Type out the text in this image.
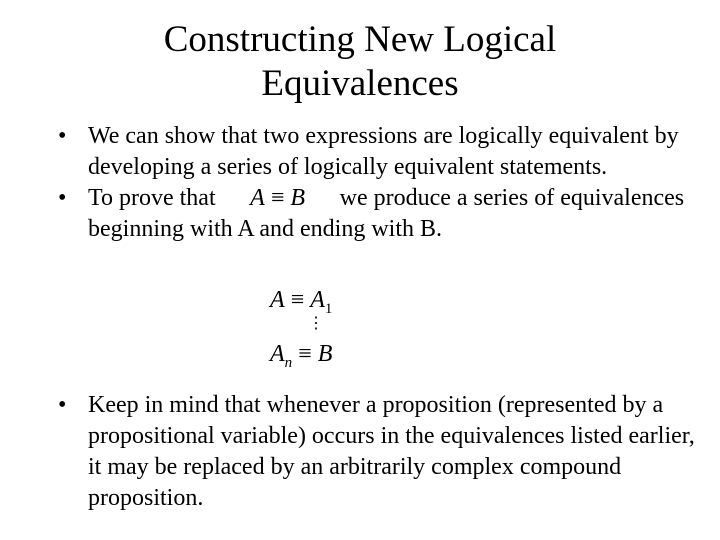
Constructing New Logical
Equivalences
• We can show that two expressions are logically equivalent by developing a series of logically equivalent statements.
• To prove that A ≡ B we produce a series of equivalences beginning with A and ending with B.
$A \equiv A_1$
⋮
$A_n \equiv B$
• Keep in mind that whenever a proposition (represented by a propositional variable) occurs in the equivalences listed earlier, it may be replaced by an arbitrarily complex compound proposition.
